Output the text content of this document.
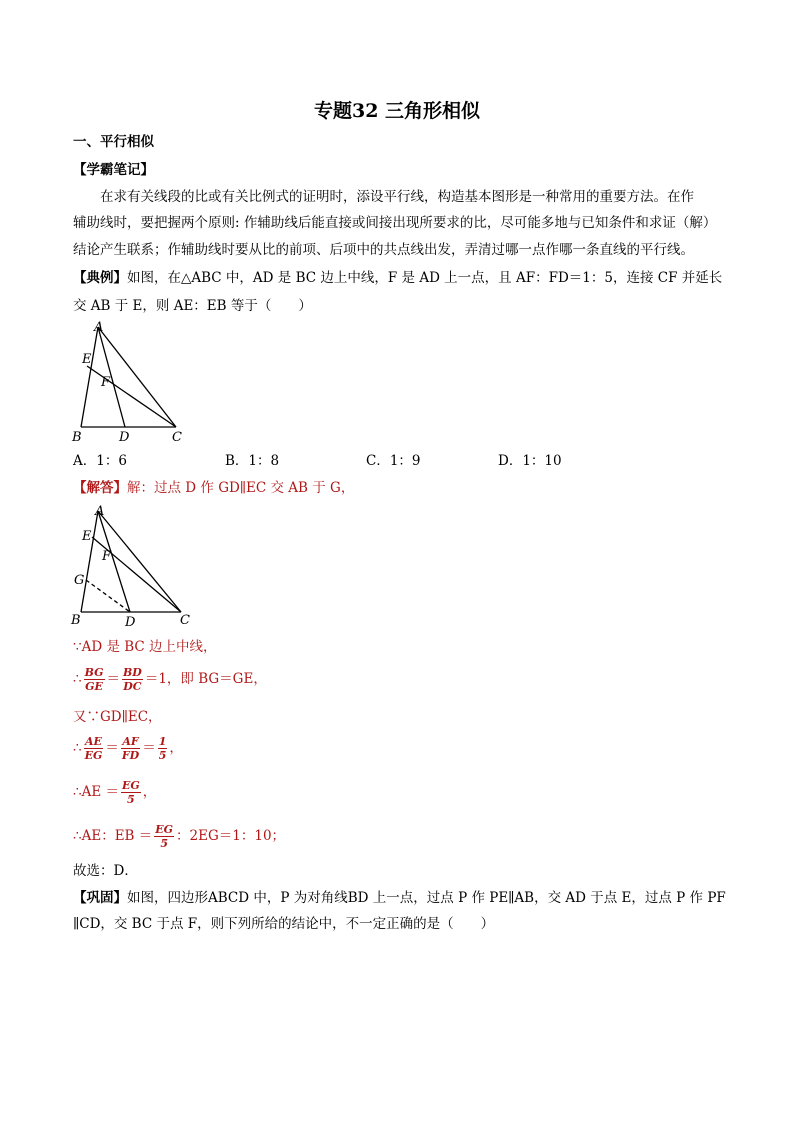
专题32 三角形相似
一、平行相似
【学霸笔记】
在求有关线段的比或有关比例式的证明时，添设平行线，构造基本图形是一种常用的重要方法。在作
辅助线时，要把握两个原则: 作辅助线后能直接或间接出现所要求的比，尽可能多地与已知条件和求证（解）
结论产生联系；作辅助线时要从比的前项、后项中的共点线出发，弄清过哪一点作哪一条直线的平行线。
【典例】如图，在△ABC 中，AD 是 BC 边上中线，F 是 AD 上一点，且 AF：FD＝1：5，连接 CF 并延长
交 AB 于 E，则 AE：EB 等于（　　）
A
E
F
B	D	C
A．1：6	B．1：8	C．1：9	D．1：10
【解答】解：过点 D 作 GD∥EC 交 AB 于 G，
A
E
F
G
B	D	C
∵AD 是 BC 边上中线，
∴ $\frac{BG}{GE} = \frac{BD}{DC} =1$，即 BG＝GE，
又∵GD∥EC，
∴ $\frac{AE}{EG} = \frac{AF}{FD} = \frac{1}{5}$ ，
∴AE ＝ $\frac{EG}{5}$ ，
∴AE：EB ＝ $\frac{EG}{5}$ ：2EG＝1：10；
故选：D．
【巩固】如图，四边形ABCD 中，P 为对角线BD 上一点，过点 P 作 PE∥AB，交 AD 于点 E，过点 P 作 PF
∥CD，交 BC 于点 F，则下列所给的结论中，不一定正确的是（　　）
